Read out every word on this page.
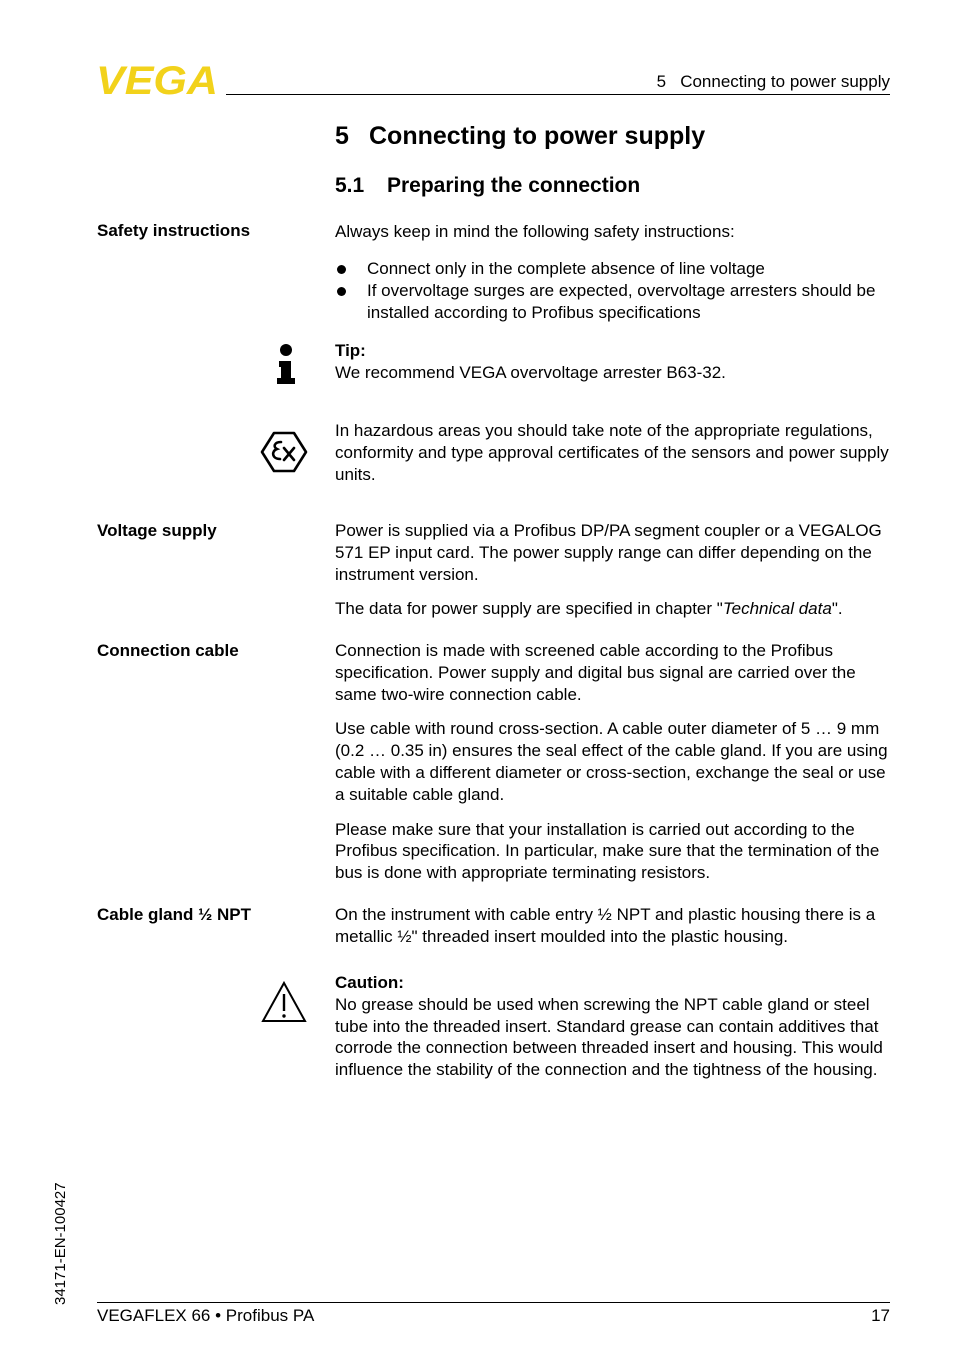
VEGA	5   Connecting to power supply
5 Connecting to power supply
5.1 Preparing the connection
Safety instructions	Always keep in mind the following safety instructions:

Connect only in the complete absence of line voltage
If overvoltage surges are expected, overvoltage arresters should be installed according to Profibus specifications

Tip:

We recommend VEGA overvoltage arrester B63-32.

In hazardous areas you should take note of the appropriate regulations, conformity and type approval certificates of the sensors and power supply units.

Voltage supply	Power is supplied via a Profibus DP/PA segment coupler or a VEGALOG 571 EP input card. The power supply range can differ depending on the instrument version.

The data for power supply are specified in chapter "Technical data".

Connection cable	Connection is made with screened cable according to the Profibus specification. Power supply and digital bus signal are carried over the same two-wire connection cable.

Use cable with round cross-section. A cable outer diameter of 5 … 9 mm (0.2 … 0.35 in) ensures the seal effect of the cable gland. If you are using cable with a different diameter or cross-section, exchange the seal or use a suitable cable gland.

Please make sure that your installation is carried out according to the Profibus specification. In particular, make sure that the termination of the bus is done with appropriate terminating resistors.

Cable gland ½ NPT	On the instrument with cable entry ½ NPT and plastic housing there is a metallic ½" threaded insert moulded into the plastic housing.

Caution:

No grease should be used when screwing the NPT cable gland or steel tube into the threaded insert. Standard grease can contain additives that corrode the connection between threaded insert and housing. This would influence the stability of the connection and the tightness of the housing.

34171-EN-100427
VEGAFLEX 66 • Profibus PA	17
